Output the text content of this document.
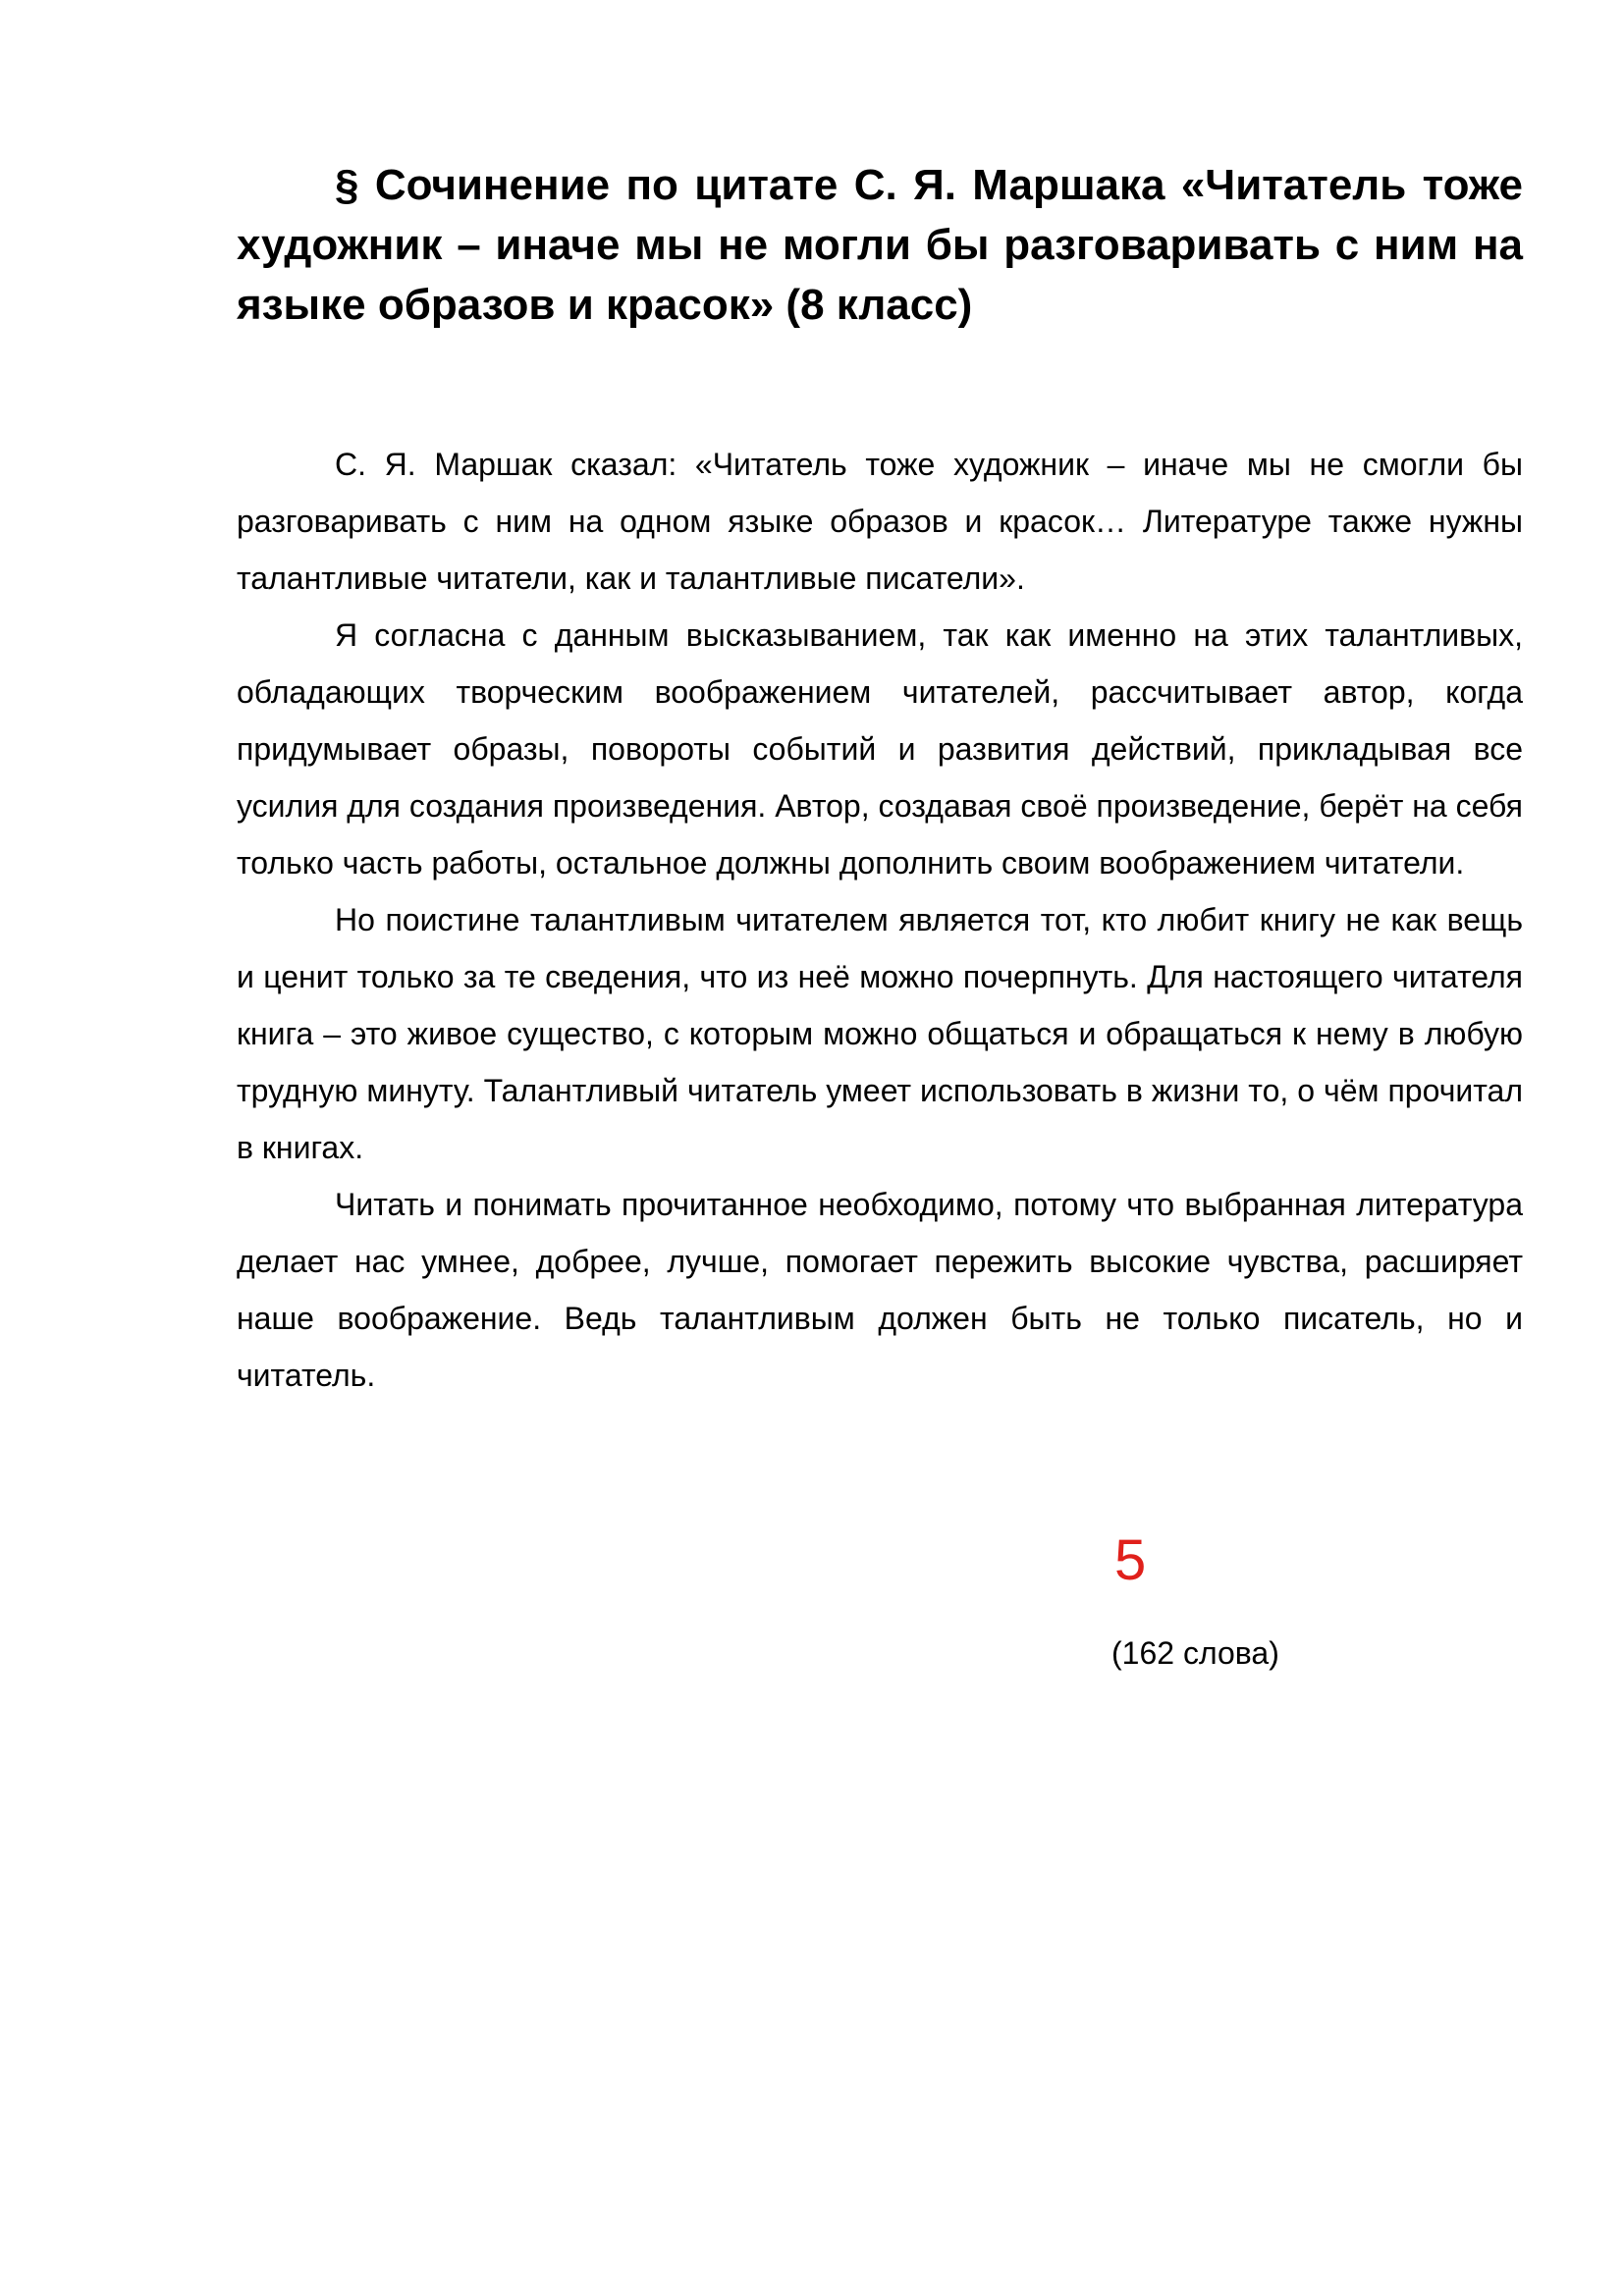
§ Сочинение по цитате С. Я. Маршака «Читатель тоже художник – иначе мы не могли бы разговаривать с ним на языке образов и красок» (8 класс)

С. Я. Маршак сказал: «Читатель тоже художник – иначе мы не смогли бы разговаривать с ним на одном языке образов и красок… Литературе также нужны талантливые читатели, как и талантливые писатели».

Я согласна с данным высказыванием, так как именно на этих талантливых, обладающих творческим воображением читателей, рассчитывает автор, когда придумывает образы, повороты событий и развития действий, прикладывая все усилия для создания произведения. Автор, создавая своё произведение, берёт на себя только часть работы, остальное должны дополнить своим воображением читатели.

Но поистине талантливым читателем является тот, кто любит книгу не как вещь и ценит только за те сведения, что из неё можно почерпнуть. Для настоящего читателя книга – это живое существо, с которым можно общаться и обращаться к нему в любую трудную минуту. Талантливый читатель умеет использовать в жизни то, о чём прочитал в книгах.

Читать и понимать прочитанное необходимо, потому что выбранная литература делает нас умнее, добрее, лучше, помогает пережить высокие чувства, расширяет наше воображение. Ведь талантливым должен быть не только писатель, но и читатель.

5

(162 слова)
